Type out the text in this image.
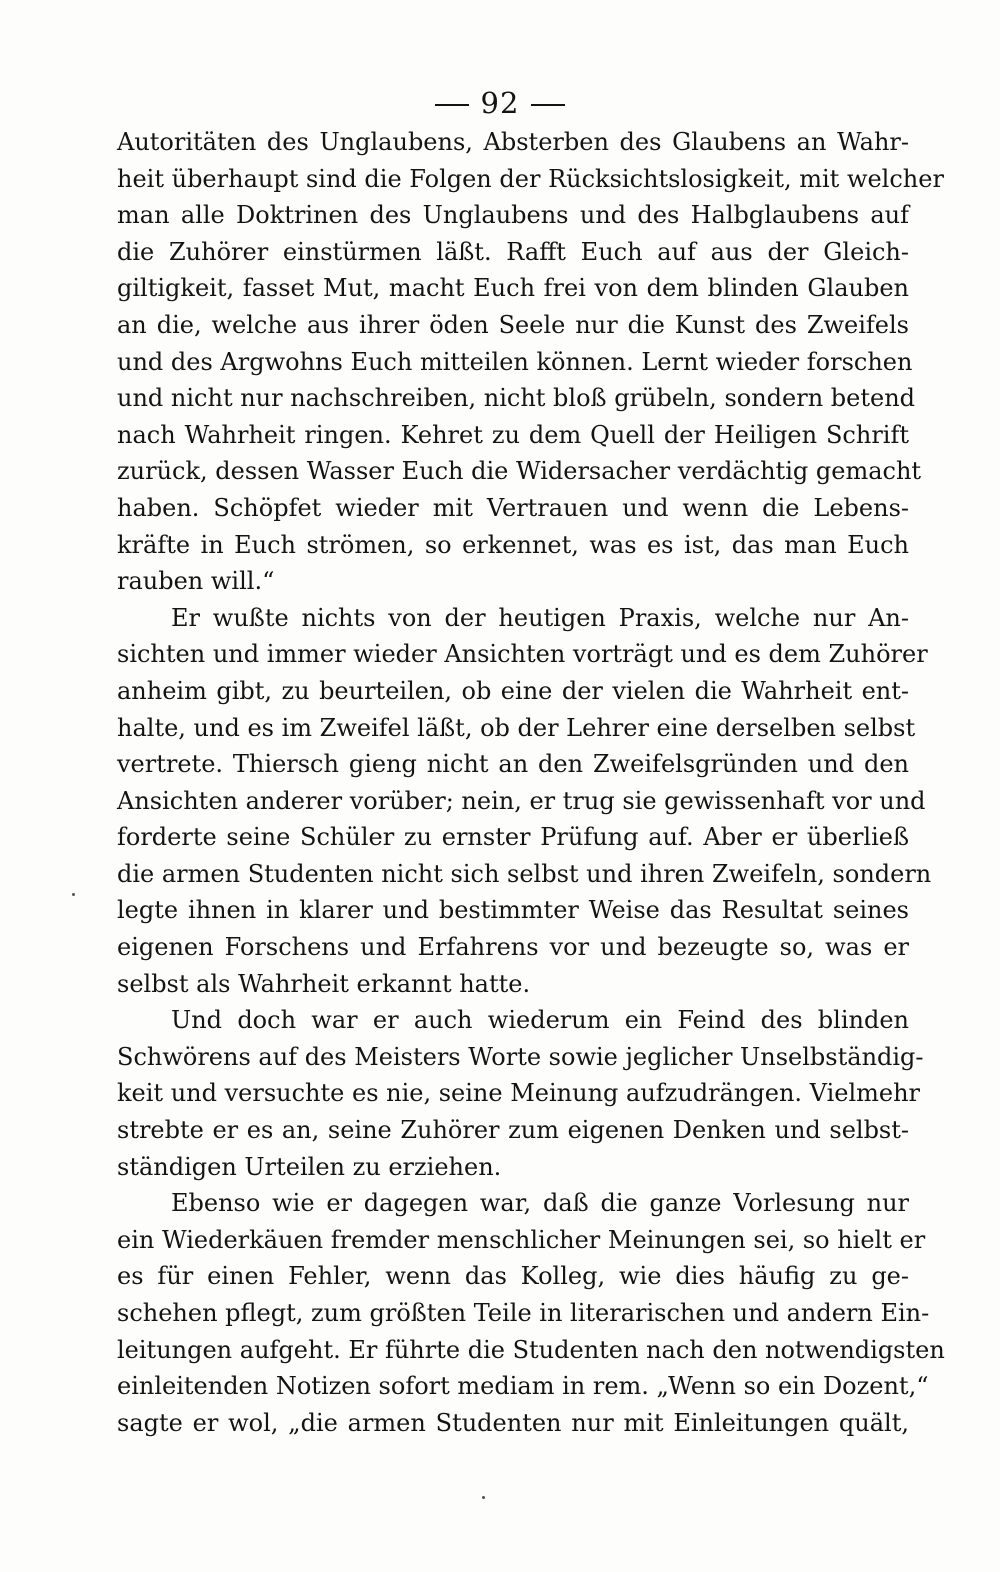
92
Autoritäten des Unglaubens, Absterben des Glaubens an Wahr-
heit überhaupt sind die Folgen der Rücksichtslosigkeit, mit welcher
man alle Doktrinen des Unglaubens und des Halbglaubens auf
die Zuhörer einstürmen läßt. Rafft Euch auf aus der Gleich-
giltigkeit, fasset Mut, macht Euch frei von dem blinden Glauben
an die, welche aus ihrer öden Seele nur die Kunst des Zweifels
und des Argwohns Euch mitteilen können. Lernt wieder forschen
und nicht nur nachschreiben, nicht bloß grübeln, sondern betend
nach Wahrheit ringen. Kehret zu dem Quell der Heiligen Schrift
zurück, dessen Wasser Euch die Widersacher verdächtig gemacht
haben. Schöpfet wieder mit Vertrauen und wenn die Lebens-
kräfte in Euch strömen, so erkennet, was es ist, das man Euch
rauben will.“
Er wußte nichts von der heutigen Praxis, welche nur An-
sichten und immer wieder Ansichten vorträgt und es dem Zuhörer
anheim gibt, zu beurteilen, ob eine der vielen die Wahrheit ent-
halte, und es im Zweifel läßt, ob der Lehrer eine derselben selbst
vertrete. Thiersch gieng nicht an den Zweifelsgründen und den
Ansichten anderer vorüber; nein, er trug sie gewissenhaft vor und
forderte seine Schüler zu ernster Prüfung auf. Aber er überließ
die armen Studenten nicht sich selbst und ihren Zweifeln, sondern
legte ihnen in klarer und bestimmter Weise das Resultat seines
eigenen Forschens und Erfahrens vor und bezeugte so, was er
selbst als Wahrheit erkannt hatte.
Und doch war er auch wiederum ein Feind des blinden
Schwörens auf des Meisters Worte sowie jeglicher Unselbständig-
keit und versuchte es nie, seine Meinung aufzudrängen. Vielmehr
strebte er es an, seine Zuhörer zum eigenen Denken und selbst-
ständigen Urteilen zu erziehen.
Ebenso wie er dagegen war, daß die ganze Vorlesung nur
ein Wiederkäuen fremder menschlicher Meinungen sei, so hielt er
es für einen Fehler, wenn das Kolleg, wie dies häufig zu ge-
schehen pflegt, zum größten Teile in literarischen und andern Ein-
leitungen aufgeht. Er führte die Studenten nach den notwendigsten
einleitenden Notizen sofort mediam in rem. „Wenn so ein Dozent,“
sagte er wol, „die armen Studenten nur mit Einleitungen quält,
